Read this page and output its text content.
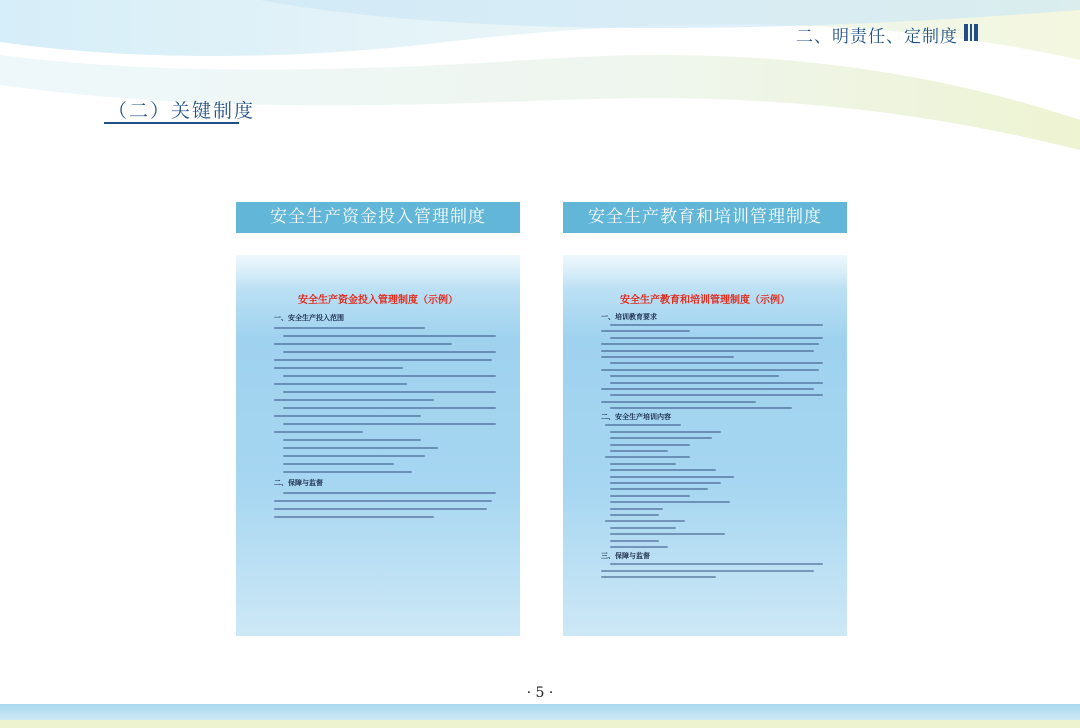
二、明责任、定制度
（二）关键制度
安全生产资金投入管理制度
安全生产资金投入管理制度（示例）
一、安全生产投入范围
二、保障与监督
安全生产教育和培训管理制度
安全生产教育和培训管理制度（示例）
一、培训教育要求
二、安全生产培训内容
三、保障与监督
· 5 ·
